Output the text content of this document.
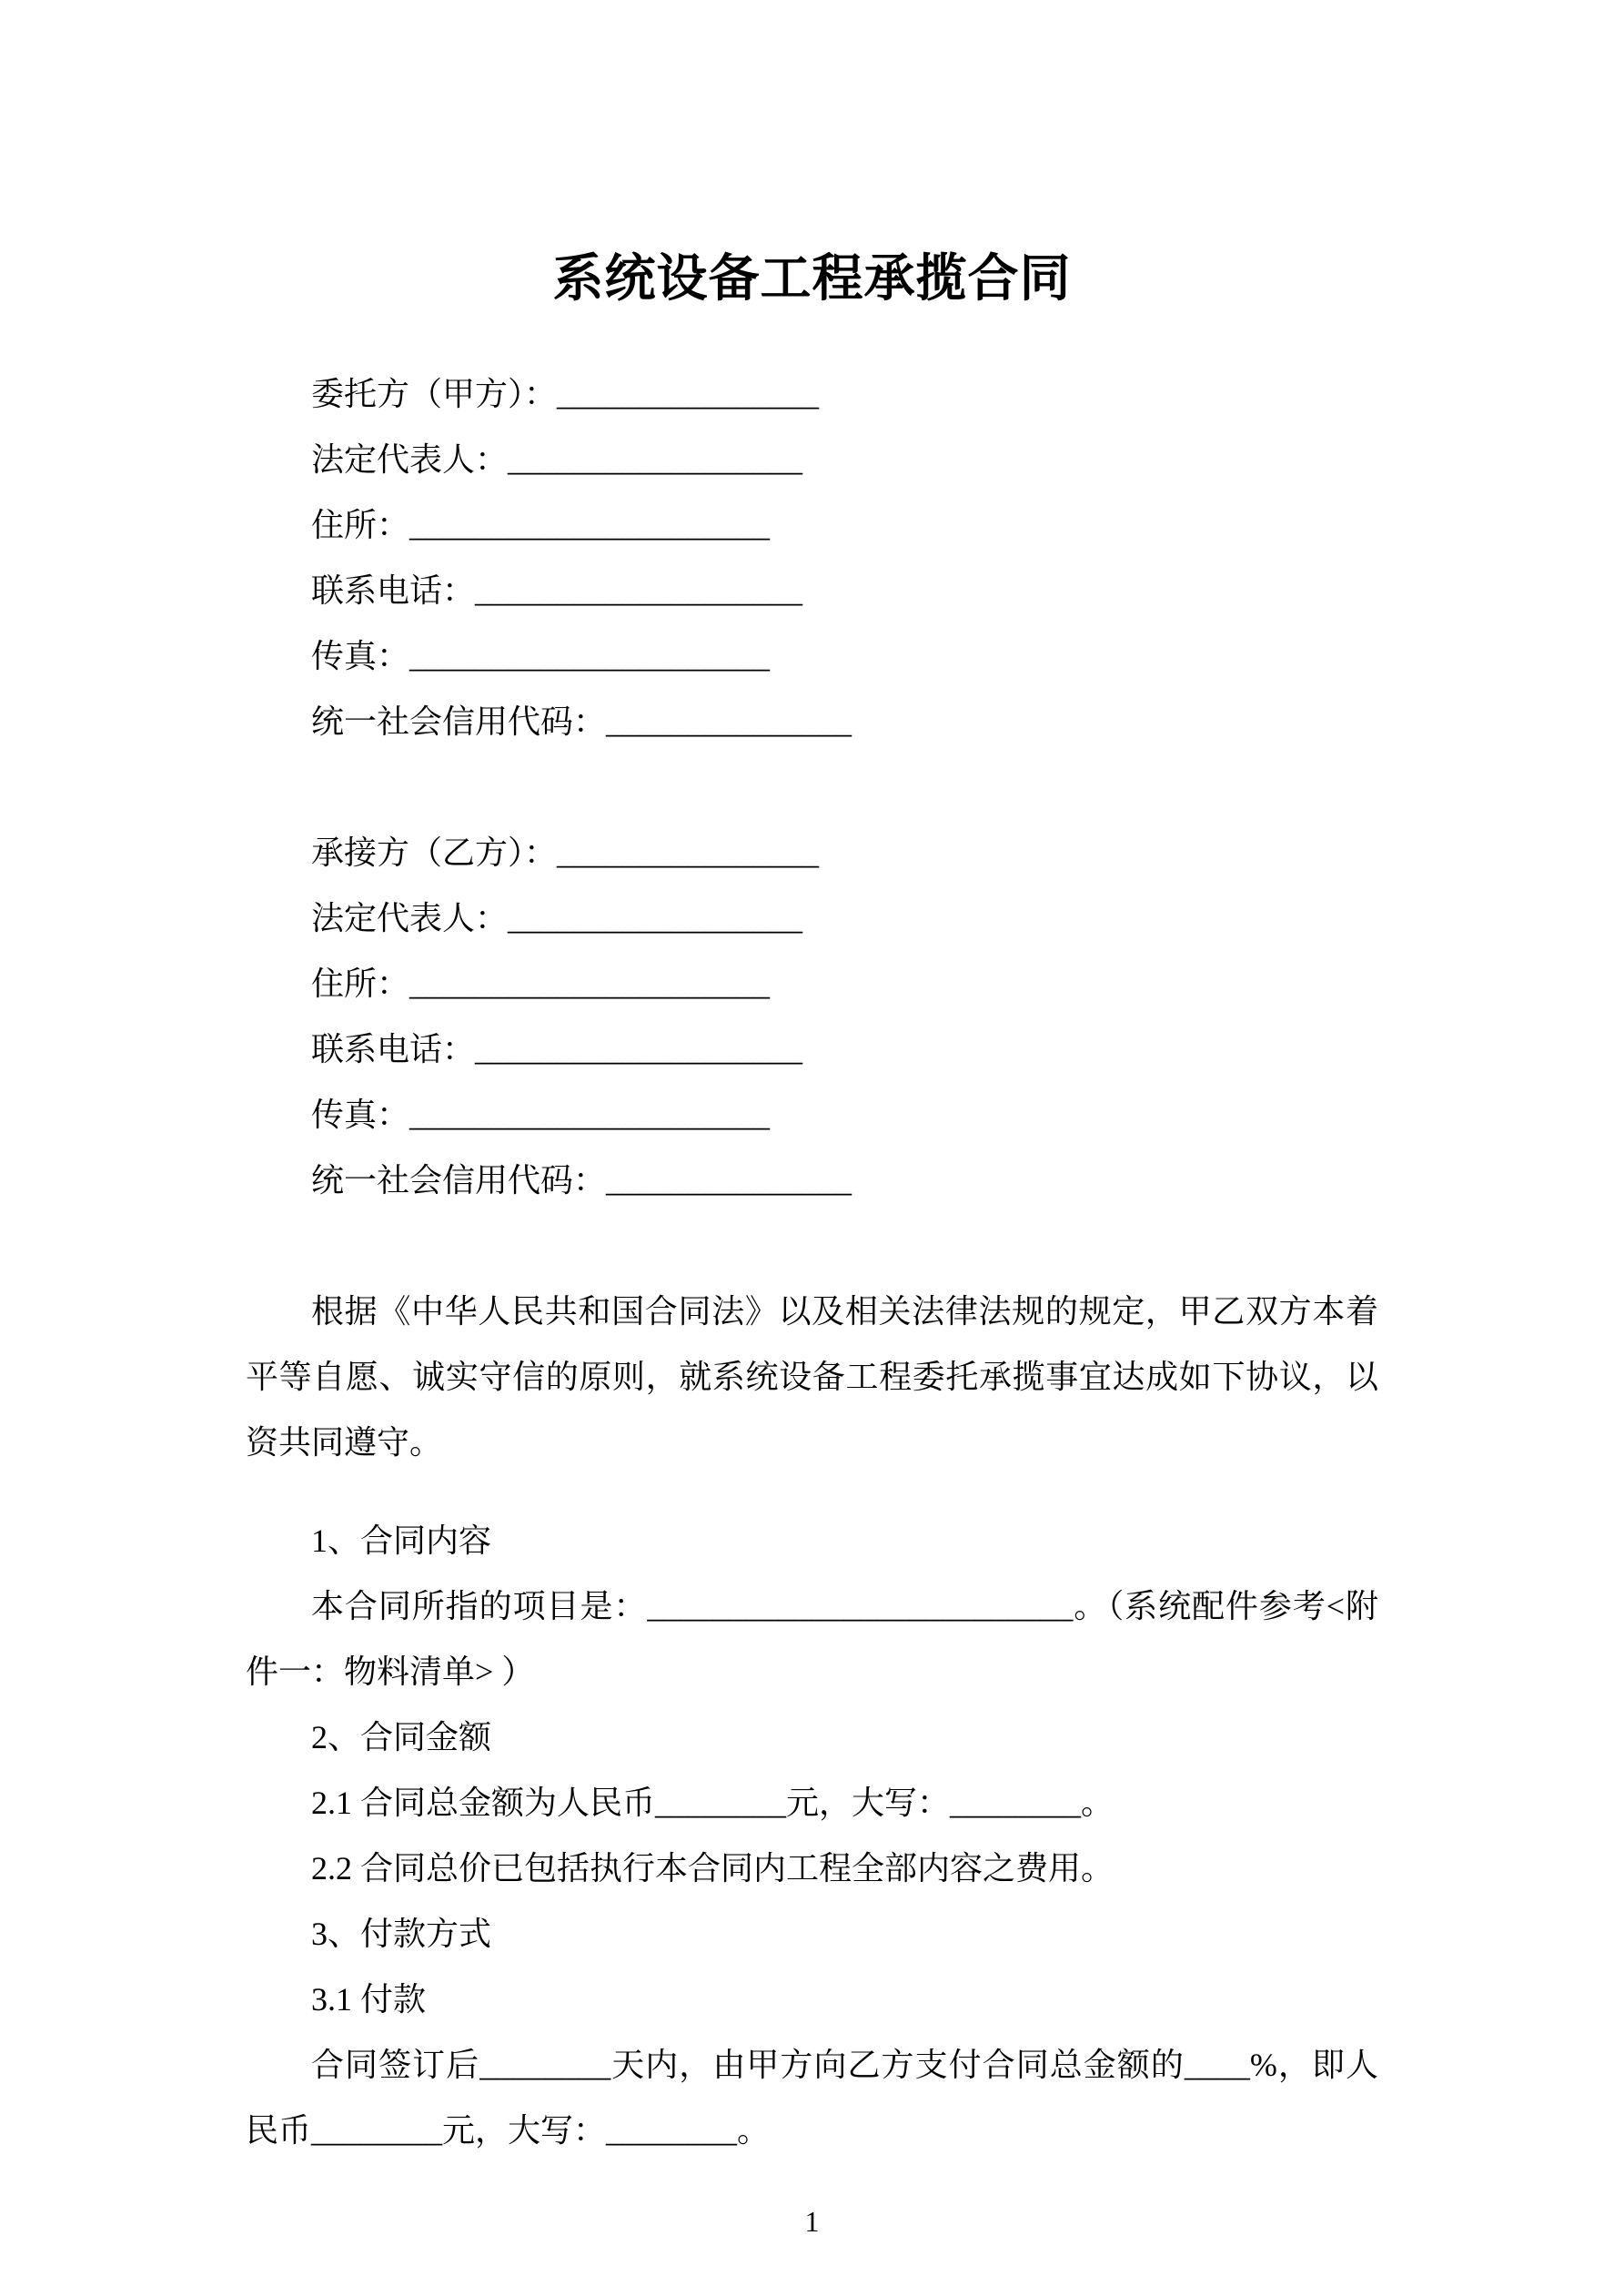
系统设备工程承揽合同

委托方（甲方）：________________

法定代表人：__________________

住所：______________________

联系电话：____________________

传真：______________________

统一社会信用代码：_______________

承接方（乙方）：________________

法定代表人：__________________

住所：______________________

联系电话：____________________

传真：______________________

统一社会信用代码：_______________

根据《中华人民共和国合同法》以及相关法律法规的规定，甲乙双方本着平等自愿、诚实守信的原则，就系统设备工程委托承揽事宜达成如下协议，以资共同遵守。

1、合同内容

本合同所指的项目是：__________________________。（系统配件参考<附件一：物料清单> ）

2、合同金额

2.1 合同总金额为人民币________元，大写：________。

2.2 合同总价已包括执行本合同内工程全部内容之费用。

3、付款方式

3.1 付款

合同签订后________天内，由甲方向乙方支付合同总金额的____%，即人民币________元，大写：________。

1
